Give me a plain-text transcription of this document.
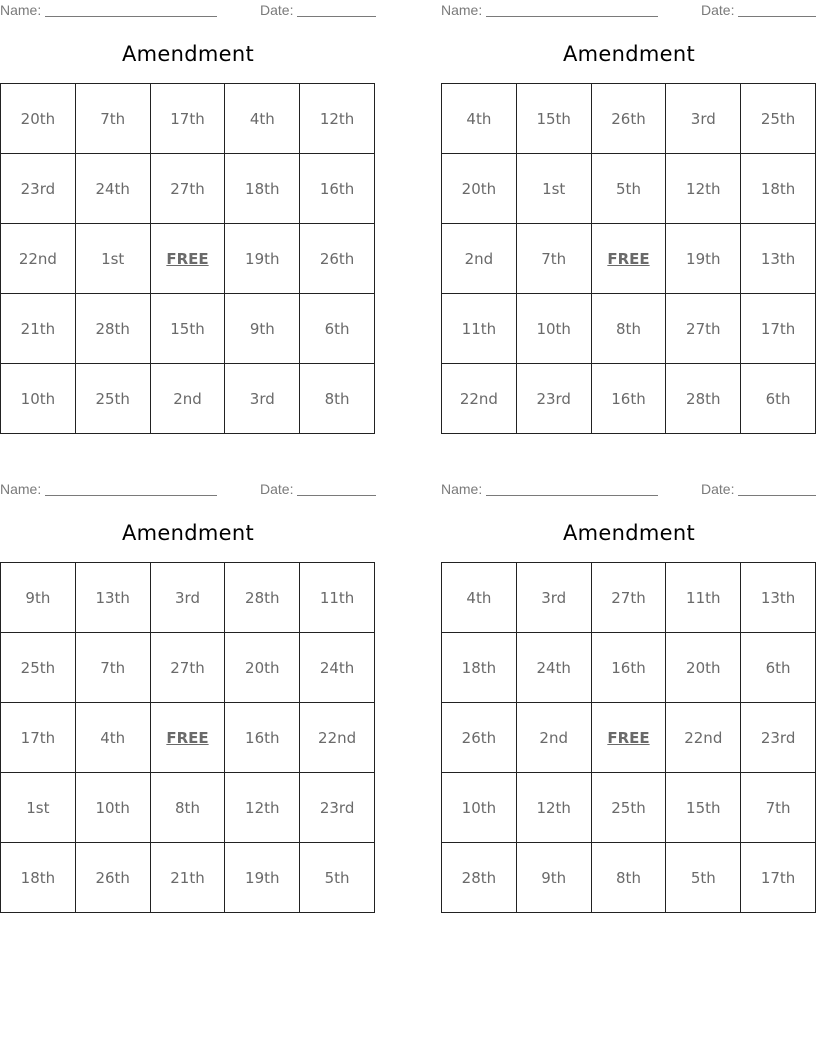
Name:	Date:
Amendment
20th	7th	17th	4th	12th
23rd	24th	27th	18th	16th
22nd	1st	FREE	19th	26th
21th	28th	15th	9th	6th
10th	25th	2nd	3rd	8th
Name:	Date:
Amendment
4th	15th	26th	3rd	25th
20th	1st	5th	12th	18th
2nd	7th	FREE	19th	13th
11th	10th	8th	27th	17th
22nd	23rd	16th	28th	6th
Name:	Date:
Amendment
9th	13th	3rd	28th	11th
25th	7th	27th	20th	24th
17th	4th	FREE	16th	22nd
1st	10th	8th	12th	23rd
18th	26th	21th	19th	5th
Name:	Date:
Amendment
4th	3rd	27th	11th	13th
18th	24th	16th	20th	6th
26th	2nd	FREE	22nd	23rd
10th	12th	25th	15th	7th
28th	9th	8th	5th	17th
